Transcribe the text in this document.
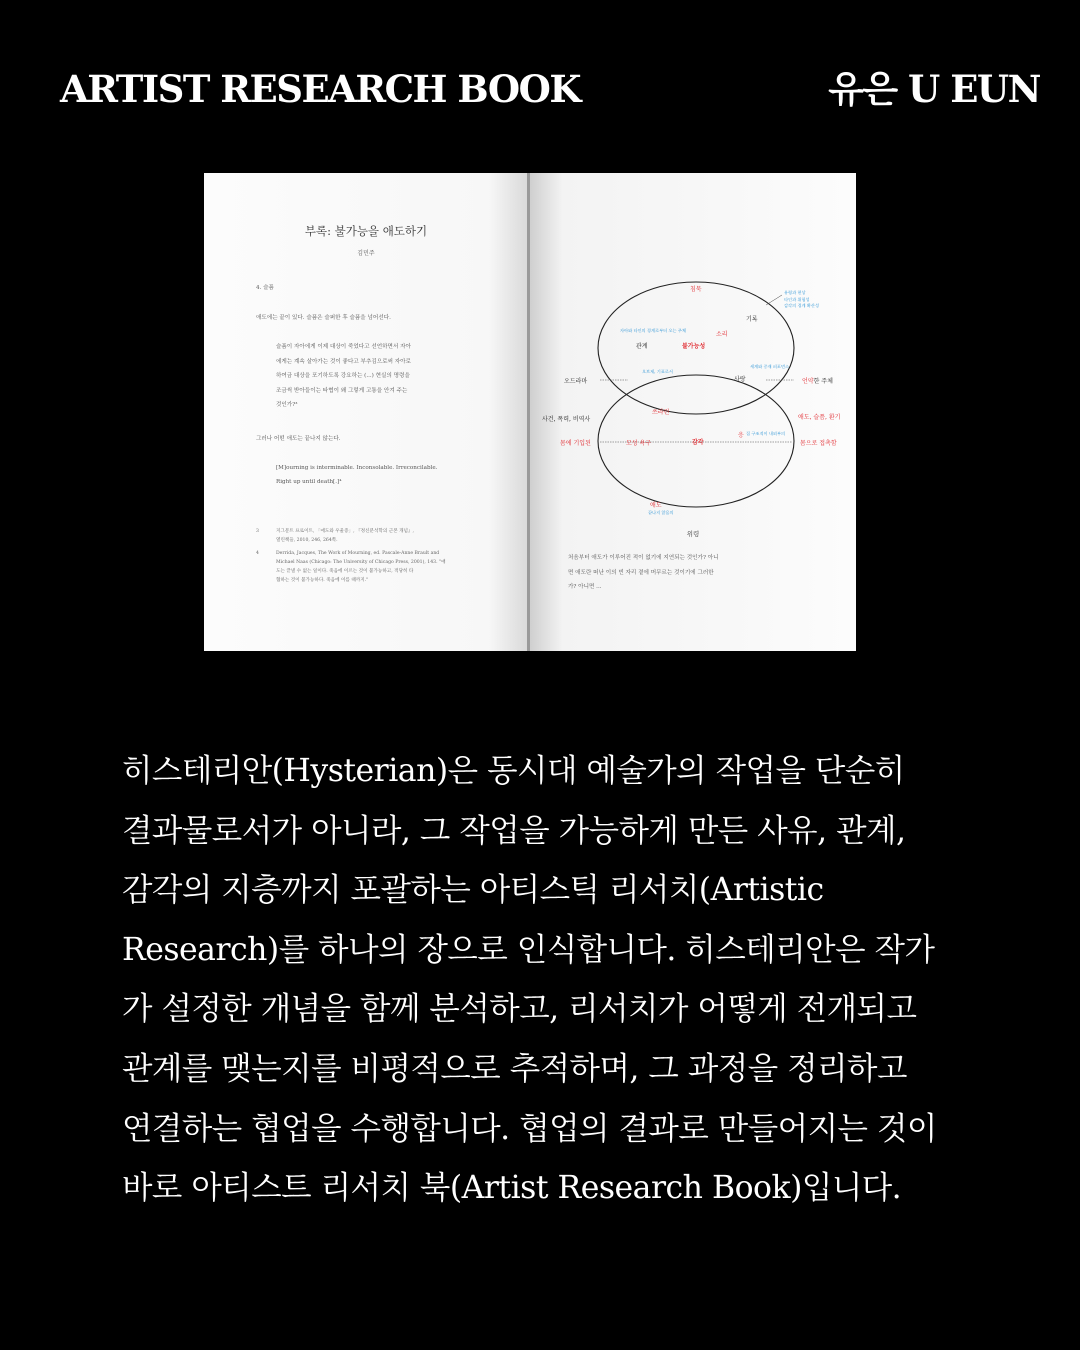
ARTIST RESEARCH BOOK	유은 U EUN
부록: 불가능을 애도하기
김민주
4. 슬픔
애도에는 끝이 있다. 슬픔은 슬퍼한 후 슬픔을 넘어선다.
슬픔이 자아에게 이제 대상이 죽었다고 선언하면서 자아
에게는 계속 살아가는 것이 좋다고 부추김으로써 자아로
하여금 대상을 포기하도록 강요하는 (...) 현실의 명령을
조금씩 받아들이는 타협이 왜 그렇게 고통을 안겨 주는
것인가?³
그러나 어떤 애도는 끝나지 않는다.
[M]ourning is interminable. Inconsolable. Irreconcilable.
Right up until death[.]⁴
3	지그문트 프로이트, 「애도와 우울증」, 『정신분석학의 근본 개념』,
열린책들, 2010, 246, 264쪽.
4	Derrida, Jacques, The Work of Mourning, ed. Pascale-Anne Brault and
Michael Naas (Chicago: The University of Chicago Press, 2001), 143. "애
도는 끝낼 수 없는 일이다. 죽음에 이르는 것이 불가능하고, 적당히 타
협하는 것이 불가능하다. 죽음에 이를 때까지."
침묵
기록
유령과 현상
타인과 위험성
감각의 경계 확산성
자아와 타인의 경계로부터 오는 주체
소리
관계	불가능성
세계와 중재 퍼포먼스
사랑
오드라마
오브제, 기표로서
언약한 주체
사건, 폭력, 비역사
쓰라린
애도, 슬픔, 환기
응 집 구조적이 내외부의
몸에 기입된	모성 욕구	감각	몸으로 접촉함
애도
끝나지 않음의
위령
처음부터 애도가 이루어진 적이 없기에 지연되는 것인가? 아니
면 애도란 떠난 이의 빈 자리 곁에 머무르는 것이기에 그러한
가? 아니면 ...
히스테리안(Hysterian)은 동시대 예술가의 작업을 단순히
결과물로서가 아니라, 그 작업을 가능하게 만든 사유, 관계,
감각의 지층까지 포괄하는 아티스틱 리서치(Artistic
Research)를 하나의 장으로 인식합니다. 히스테리안은 작가
가 설정한 개념을 함께 분석하고, 리서치가 어떻게 전개되고
관계를 맺는지를 비평적으로 추적하며, 그 과정을 정리하고
연결하는 협업을 수행합니다. 협업의 결과로 만들어지는 것이
바로 아티스트 리서치 북(Artist Research Book)입니다.
